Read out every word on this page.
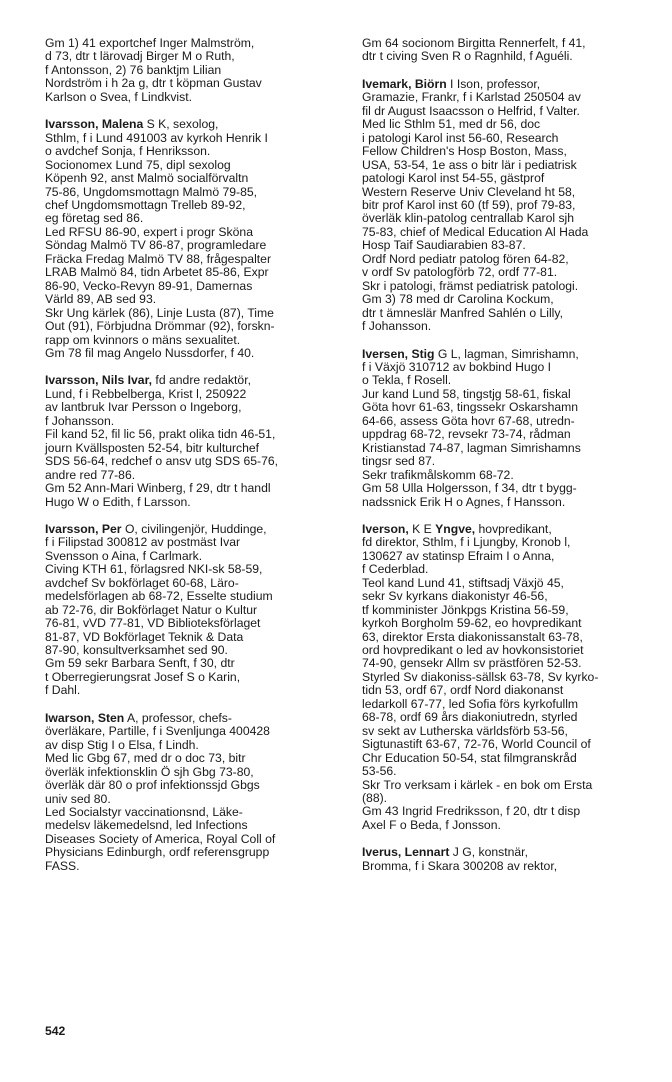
Gm 1) 41 exportchef Inger Malmström,
d 73, dtr t lärovadj Birger M o Ruth,
f Antonsson, 2) 76 banktjm Lilian
Nordström i h 2a g, dtr t köpman Gustav
Karlson o Svea, f Lindkvist.
Ivarsson, Malena S K, sexolog,
Sthlm, f i Lund 491003 av kyrkoh Henrik I
o avdchef Sonja, f Henriksson.
Socionomex Lund 75, dipl sexolog
Köpenh 92, anst Malmö socialförvaltn
75-86, Ungdomsmottagn Malmö 79-85,
chef Ungdomsmottagn Trelleb 89-92,
eg företag sed 86.
Led RFSU 86-90, expert i progr Sköna
Söndag Malmö TV 86-87, programledare
Fräcka Fredag Malmö TV 88, frågespalter
LRAB Malmö 84, tidn Arbetet 85-86, Expr
86-90, Vecko-Revyn 89-91, Damernas
Värld 89, AB sed 93.
Skr Ung kärlek (86), Linje Lusta (87), Time
Out (91), Förbjudna Drömmar (92), forskn-
rapp om kvinnors o mäns sexualitet.
Gm 78 fil mag Angelo Nussdorfer, f 40.
Ivarsson, Nils Ivar, fd andre redaktör,
Lund, f i Rebbelberga, Krist l, 250922
av lantbruk Ivar Persson o Ingeborg,
f Johansson.
Fil kand 52, fil lic 56, prakt olika tidn 46-51,
journ Kvällsposten 52-54, bitr kulturchef
SDS 56-64, redchef o ansv utg SDS 65-76,
andre red 77-86.
Gm 52 Ann-Mari Winberg, f 29, dtr t handl
Hugo W o Edith, f Larsson.
Ivarsson, Per O, civilingenjör, Huddinge,
f i Filipstad 300812 av postmäst Ivar
Svensson o Aina, f Carlmark.
Civing KTH 61, förlagsred NKI-sk 58-59,
avdchef Sv bokförlaget 60-68, Läro-
medelsförlagen ab 68-72, Esselte studium
ab 72-76, dir Bokförlaget Natur o Kultur
76-81, vVD 77-81, VD Biblioteksförlaget
81-87, VD Bokförlaget Teknik & Data
87-90, konsultverksamhet sed 90.
Gm 59 sekr Barbara Senft, f 30, dtr
t Oberregierungsrat Josef S o Karin,
f Dahl.
Iwarson, Sten A, professor, chefs-
överläkare, Partille, f i Svenljunga 400428
av disp Stig I o Elsa, f Lindh.
Med lic Gbg 67, med dr o doc 73, bitr
överläk infektionsklin Ö sjh Gbg 73-80,
överläk där 80 o prof infektionssjd Gbgs
univ sed 80.
Led Socialstyr vaccinationsnd, Läke-
medelsv läkemedelsnd, led Infections
Diseases Society of America, Royal Coll of
Physicians Edinburgh, ordf referensgrupp
FASS.
Gm 64 socionom Birgitta Rennerfelt, f 41,
dtr t civing Sven R o Ragnhild, f Aguéli.
Ivemark, Biörn I Ison, professor,
Gramazie, Frankr, f i Karlstad 250504 av
fil dr August Isaacsson o Helfrid, f Valter.
Med lic Sthlm 51, med dr 56, doc
i patologi Karol inst 56-60, Research
Fellow Children's Hosp Boston, Mass,
USA, 53-54, 1e ass o bitr lär i pediatrisk
patologi Karol inst 54-55, gästprof
Western Reserve Univ Cleveland ht 58,
bitr prof Karol inst 60 (tf 59), prof 79-83,
överläk klin-patolog centrallab Karol sjh
75-83, chief of Medical Education Al Hada
Hosp Taif Saudiarabien 83-87.
Ordf Nord pediatr patolog fören 64-82,
v ordf Sv patologförb 72, ordf 77-81.
Skr i patologi, främst pediatrisk patologi.
Gm 3) 78 med dr Carolina Kockum,
dtr t ämneslär Manfred Sahlén o Lilly,
f Johansson.
Iversen, Stig G L, lagman, Simrishamn,
f i Växjö 310712 av bokbind Hugo I
o Tekla, f Rosell.
Jur kand Lund 58, tingstjg 58-61, fiskal
Göta hovr 61-63, tingssekr Oskarshamn
64-66, assess Göta hovr 67-68, utredn-
uppdrag 68-72, revsekr 73-74, rådman
Kristianstad 74-87, lagman Simrishamns
tingsr sed 87.
Sekr trafikmålskomm 68-72.
Gm 58 Ulla Holgersson, f 34, dtr t bygg-
nadssnick Erik H o Agnes, f Hansson.
Iverson, K E Yngve, hovpredikant,
fd direktor, Sthlm, f i Ljungby, Kronob l,
130627 av statinsp Efraim I o Anna,
f Cederblad.
Teol kand Lund 41, stiftsadj Växjö 45,
sekr Sv kyrkans diakonistyr 46-56,
tf komminister Jönkpgs Kristina 56-59,
kyrkoh Borgholm 59-62, eo hovpredikant
63, direktor Ersta diakonissanstalt 63-78,
ord hovpredikant o led av hovkonsistoriet
74-90, gensekr Allm sv prästfören 52-53.
Styrled Sv diakoniss-sällsk 63-78, Sv kyrko-
tidn 53, ordf 67, ordf Nord diakonanst
ledarkoll 67-77, led Sofia förs kyrkofullm
68-78, ordf 69 års diakoniutredn, styrled
sv sekt av Lutherska världsförb 53-56,
Sigtunastift 63-67, 72-76, World Council of
Chr Education 50-54, stat filmgranskråd
53-56.
Skr Tro verksam i kärlek - en bok om Ersta
(88).
Gm 43 Ingrid Fredriksson, f 20, dtr t disp
Axel F o Beda, f Jonsson.
Iverus, Lennart J G, konstnär,
Bromma, f i Skara 300208 av rektor,
542
